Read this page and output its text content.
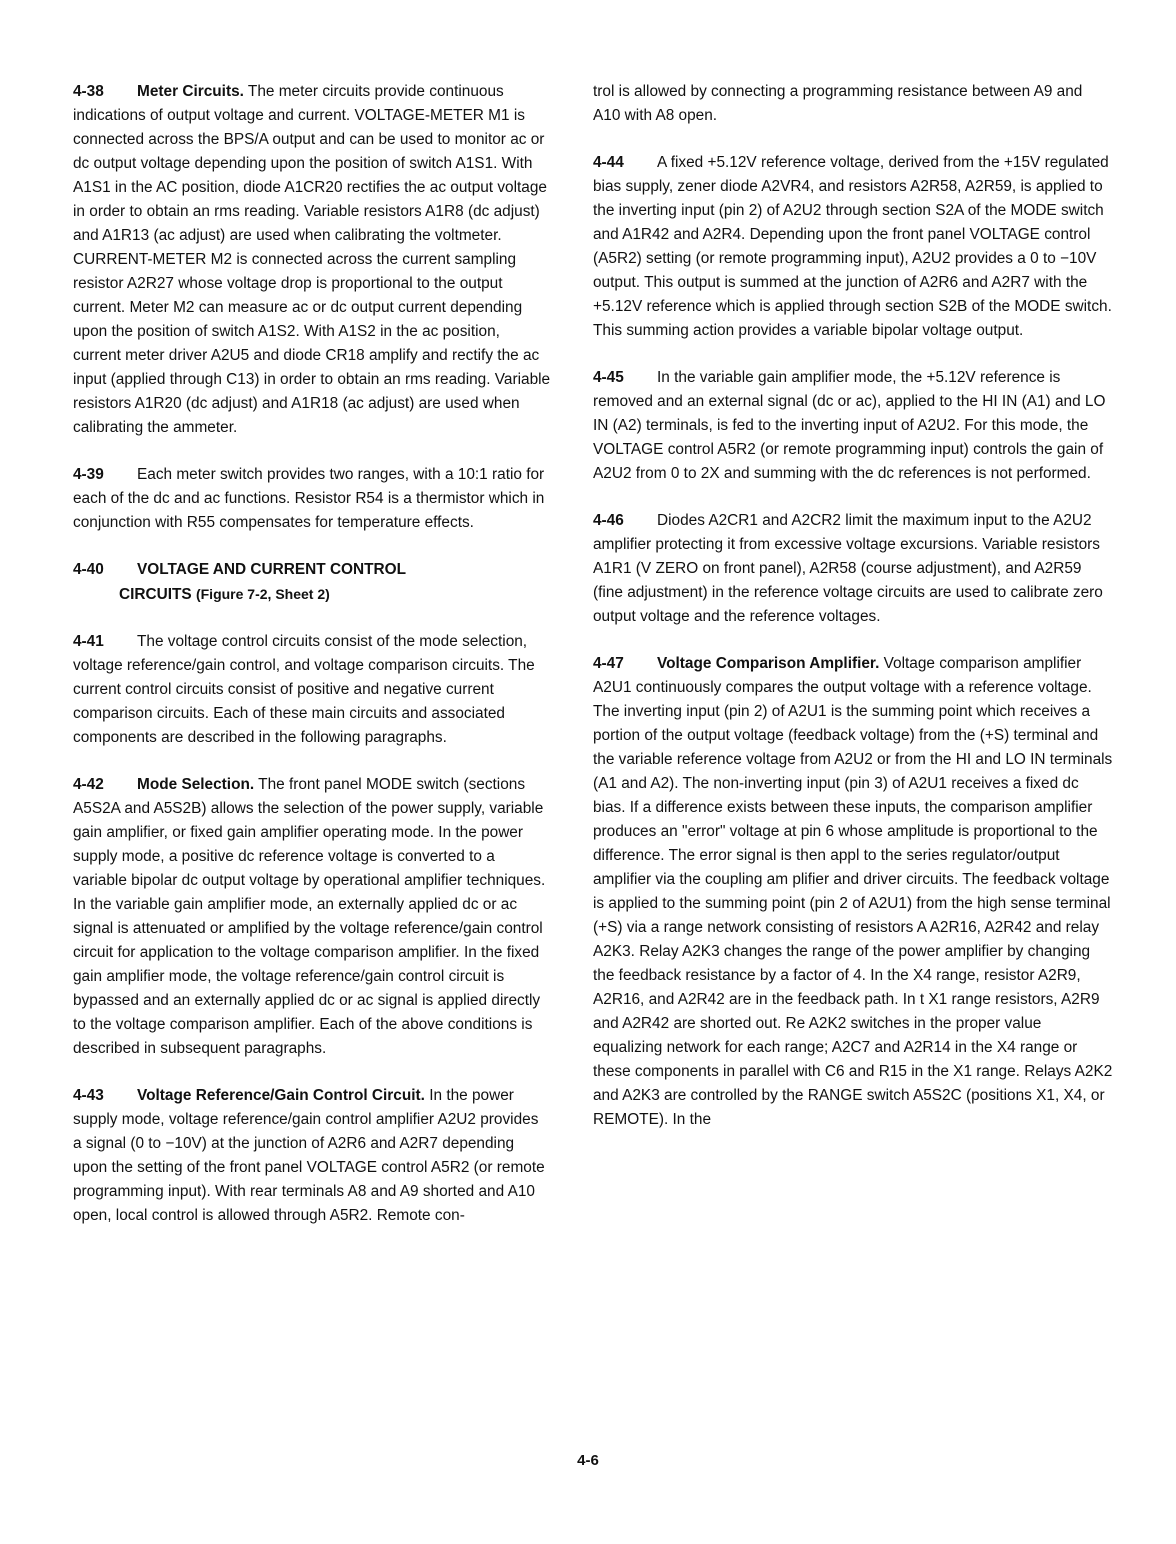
4-38 Meter Circuits. The meter circuits provide continuous indications of output voltage and current. VOLTAGE-METER M1 is connected across the BPS/A output and can be used to monitor ac or dc output voltage depending upon the position of switch A1S1. With A1S1 in the AC position, diode A1CR20 rectifies the ac output voltage in order to obtain an rms reading. Variable resistors A1R8 (dc adjust) and A1R13 (ac adjust) are used when calibrating the voltmeter. CURRENT-METER M2 is connected across the current sampling resistor A2R27 whose voltage drop is proportional to the output current. Meter M2 can measure ac or dc output current depending upon the position of switch A1S2. With A1S2 in the ac position, current meter driver A2U5 and diode CR18 amplify and rectify the ac input (applied through C13) in order to obtain an rms reading. Variable resistors A1R20 (dc adjust) and A1R18 (ac adjust) are used when calibrating the ammeter.

4-39 Each meter switch provides two ranges, with a 10:1 ratio for each of the dc and ac functions. Resistor R54 is a thermistor which in conjunction with R55 compensates for temperature effects.

4-40 VOLTAGE AND CURRENT CONTROL
CIRCUITS (Figure 7-2, Sheet 2)

4-41 The voltage control circuits consist of the mode selection, voltage reference/gain control, and voltage comparison circuits. The current control circuits consist of positive and negative current comparison circuits. Each of these main circuits and associated components are described in the following paragraphs.

4-42 Mode Selection. The front panel MODE switch (sections A5S2A and A5S2B) allows the selection of the power supply, variable gain amplifier, or fixed gain amplifier operating mode. In the power supply mode, a positive dc reference voltage is converted to a variable bipolar dc output voltage by operational amplifier techniques. In the variable gain amplifier mode, an externally applied dc or ac signal is attenuated or amplified by the voltage reference/gain control circuit for application to the voltage comparison amplifier. In the fixed gain amplifier mode, the voltage reference/gain control circuit is bypassed and an externally applied dc or ac signal is applied directly to the voltage comparison amplifier. Each of the above conditions is described in subsequent paragraphs.

4-43 Voltage Reference/Gain Control Circuit. In the power supply mode, voltage reference/gain control amplifier A2U2 provides a signal (0 to −10V) at the junction of A2R6 and A2R7 depending upon the setting of the front panel VOLTAGE control A5R2 (or remote programming input). With rear terminals A8 and A9 shorted and A10 open, local control is allowed through A5R2. Remote con-

trol is allowed by connecting a programming resistance between A9 and A10 with A8 open.

4-44 A fixed +5.12V reference voltage, derived from the +15V regulated bias supply, zener diode A2VR4, and resistors A2R58, A2R59, is applied to the inverting input (pin 2) of A2U2 through section S2A of the MODE switch and A1R42 and A2R4. Depending upon the front panel VOLTAGE control (A5R2) setting (or remote programming input), A2U2 provides a 0 to −10V output. This output is summed at the junction of A2R6 and A2R7 with the +5.12V reference which is applied through section S2B of the MODE switch. This summing action provides a variable bipolar voltage output.

4-45 In the variable gain amplifier mode, the +5.12V reference is removed and an external signal (dc or ac), applied to the HI IN (A1) and LO IN (A2) terminals, is fed to the inverting input of A2U2. For this mode, the VOLTAGE control A5R2 (or remote programming input) controls the gain of A2U2 from 0 to 2X and summing with the dc references is not performed.

4-46 Diodes A2CR1 and A2CR2 limit the maximum input to the A2U2 amplifier protecting it from excessive voltage excursions. Variable resistors A1R1 (V ZERO on front panel), A2R58 (course adjustment), and A2R59 (fine adjustment) in the reference voltage circuits are used to calibrate zero output voltage and the reference voltages.

4-47 Voltage Comparison Amplifier. Voltage comparison amplifier A2U1 continuously compares the output voltage with a reference voltage. The inverting input (pin 2) of A2U1 is the summing point which receives a portion of the output voltage (feedback voltage) from the (+S) terminal and the variable reference voltage from A2U2 or from the HI and LO IN terminals (A1 and A2). The non-inverting input (pin 3) of A2U1 receives a fixed dc bias. If a difference exists between these inputs, the comparison amplifier produces an "error" voltage at pin 6 whose amplitude is proportional to the difference. The error signal is then appl to the series regulator/output amplifier via the coupling am plifier and driver circuits. The feedback voltage is applied to the summing point (pin 2 of A2U1) from the high sense terminal (+S) via a range network consisting of resistors A A2R16, A2R42 and relay A2K3. Relay A2K3 changes the range of the power amplifier by changing the feedback resistance by a factor of 4. In the X4 range, resistor A2R9, A2R16, and A2R42 are in the feedback path. In t X1 range resistors, A2R9 and A2R42 are shorted out. Re A2K2 switches in the proper value equalizing network for each range; A2C7 and A2R14 in the X4 range or these components in parallel with C6 and R15 in the X1 range. Relays A2K2 and A2K3 are controlled by the RANGE switch A5S2C (positions X1, X4, or REMOTE). In the

4-6
